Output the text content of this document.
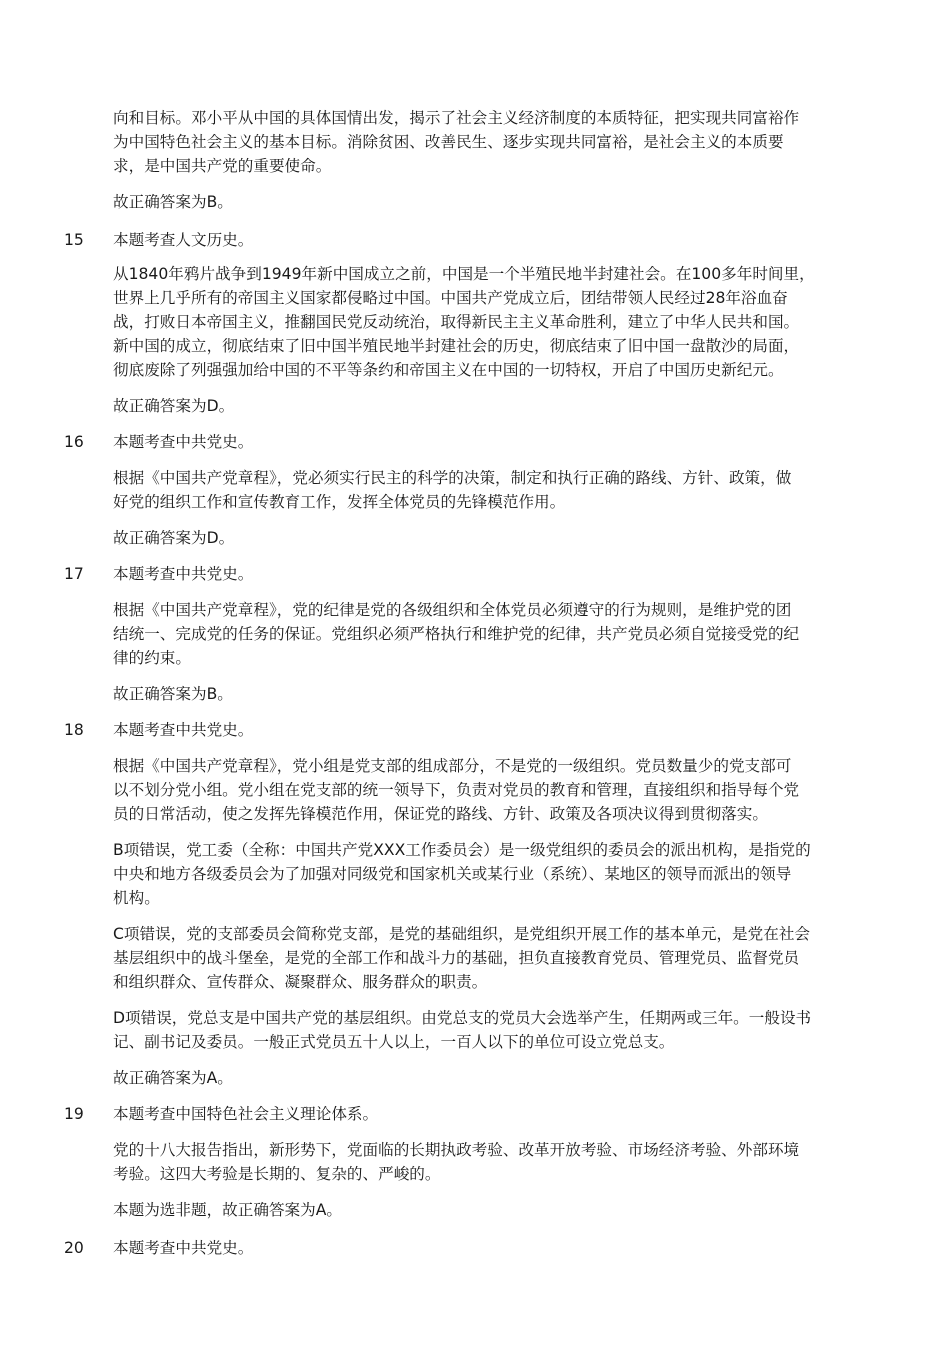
向和目标。邓小平从中国的具体国情出发，揭示了社会主义经济制度的本质特征，把实现共同富裕作
为中国特色社会主义的基本目标。消除贫困、改善民生、逐步实现共同富裕，是社会主义的本质要
求，是中国共产党的重要使命。
故正确答案为B。
15 本题考查人文历史。
从1840年鸦片战争到1949年新中国成立之前，中国是一个半殖民地半封建社会。在100多年时间里，
世界上几乎所有的帝国主义国家都侵略过中国。中国共产党成立后，团结带领人民经过28年浴血奋
战，打败日本帝国主义，推翻国民党反动统治，取得新民主主义革命胜利，建立了中华人民共和国。
新中国的成立，彻底结束了旧中国半殖民地半封建社会的历史，彻底结束了旧中国一盘散沙的局面，
彻底废除了列强强加给中国的不平等条约和帝国主义在中国的一切特权，开启了中国历史新纪元。
故正确答案为D。
16 本题考查中共党史。
根据《中国共产党章程》，党必须实行民主的科学的决策，制定和执行正确的路线、方针、政策，做
好党的组织工作和宣传教育工作，发挥全体党员的先锋模范作用。
故正确答案为D。
17 本题考查中共党史。
根据《中国共产党章程》，党的纪律是党的各级组织和全体党员必须遵守的行为规则，是维护党的团
结统一、完成党的任务的保证。党组织必须严格执行和维护党的纪律，共产党员必须自觉接受党的纪
律的约束。
故正确答案为B。
18 本题考查中共党史。
根据《中国共产党章程》，党小组是党支部的组成部分，不是党的一级组织。党员数量少的党支部可
以不划分党小组。党小组在党支部的统一领导下，负责对党员的教育和管理，直接组织和指导每个党
员的日常活动，使之发挥先锋模范作用，保证党的路线、方针、政策及各项决议得到贯彻落实。
B项错误，党工委（全称：中国共产党XXX工作委员会）是一级党组织的委员会的派出机构，是指党的
中央和地方各级委员会为了加强对同级党和国家机关或某行业（系统）、某地区的领导而派出的领导
机构。
C项错误，党的支部委员会简称党支部，是党的基础组织，是党组织开展工作的基本单元，是党在社会
基层组织中的战斗堡垒，是党的全部工作和战斗力的基础，担负直接教育党员、管理党员、监督党员
和组织群众、宣传群众、凝聚群众、服务群众的职责。
D项错误，党总支是中国共产党的基层组织。由党总支的党员大会选举产生，任期两或三年。一般设书
记、副书记及委员。一般正式党员五十人以上，一百人以下的单位可设立党总支。
故正确答案为A。
19 本题考查中国特色社会主义理论体系。
党的十八大报告指出，新形势下，党面临的长期执政考验、改革开放考验、市场经济考验、外部环境
考验。这四大考验是长期的、复杂的、严峻的。
本题为选非题，故正确答案为A。
20 本题考查中共党史。
